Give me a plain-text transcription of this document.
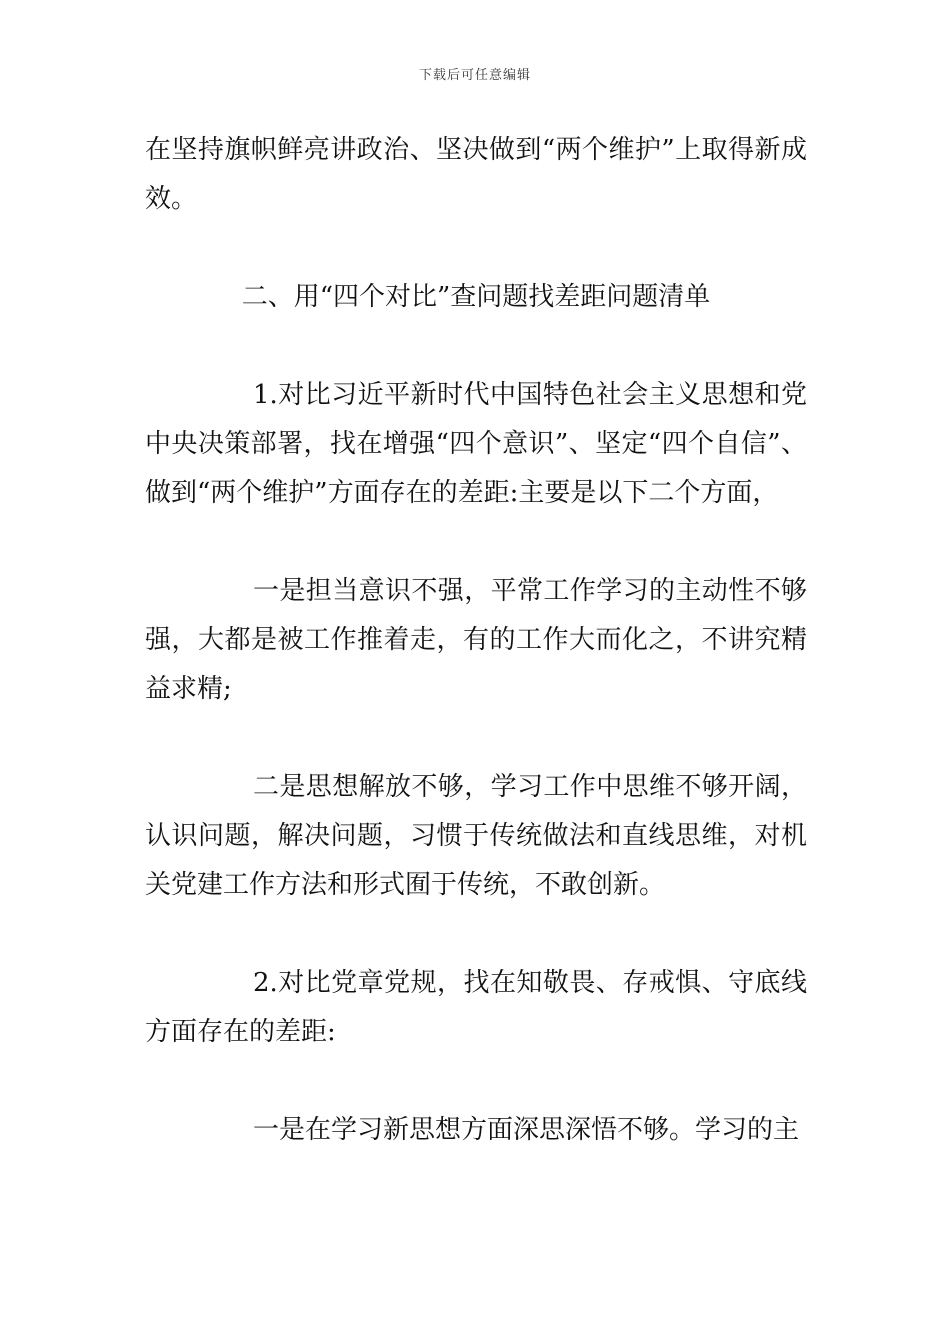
下载后可任意编辑

在坚持旗帜鲜亮讲政治、坚决做到“两个维护”上取得新成效。

二、用“四个对比”查问题找差距问题清单

1.对比习近平新时代中国特色社会主义思想和党中央决策部署，找在增强“四个意识”、坚定“四个自信”、做到“两个维护”方面存在的差距:主要是以下二个方面，

一是担当意识不强，平常工作学习的主动性不够强，大都是被工作推着走，有的工作大而化之，不讲究精益求精;

二是思想解放不够，学习工作中思维不够开阔，认识问题，解决问题，习惯于传统做法和直线思维，对机关党建工作方法和形式囿于传统，不敢创新。

2.对比党章党规，找在知敬畏、存戒惧、守底线方面存在的差距:

一是在学习新思想方面深思深悟不够。学习的主
